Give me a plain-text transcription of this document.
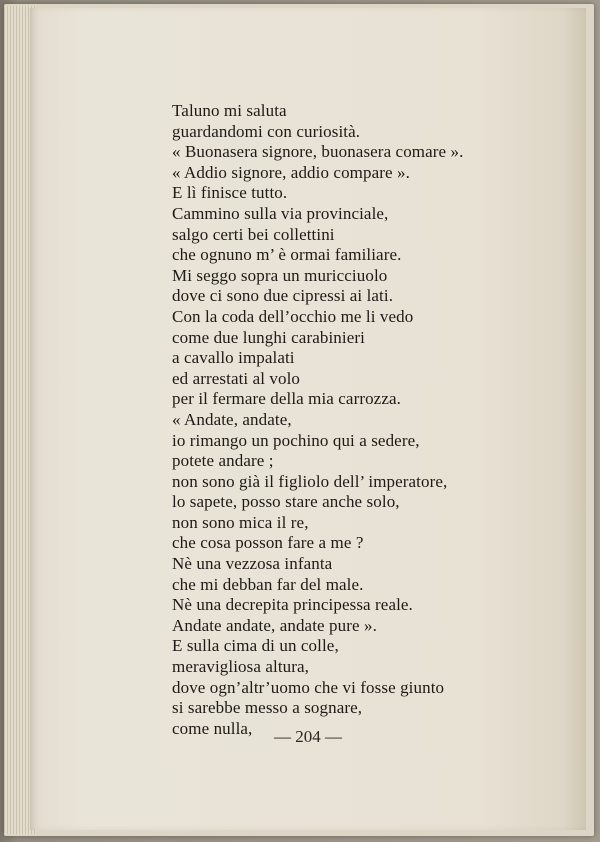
Taluno mi saluta
guardandomi con curiosità.
« Buonasera signore, buonasera comare ».
« Addio signore, addio compare ».
E lì finisce tutto.
Cammino sulla via provinciale,
salgo certi bei collettini
che ognuno m’ è ormai familiare.
Mi seggo sopra un muricciuolo
dove ci sono due cipressi ai lati.
Con la coda dell’occhio me li vedo
come due lunghi carabinieri
a cavallo impalati
ed arrestati al volo
per il fermare della mia carrozza.
« Andate, andate,
io rimango un pochino qui a sedere,
potete andare ;
non sono già il figliolo dell’ imperatore,
lo sapete, posso stare anche solo,
non sono mica il re,
che cosa posson fare a me ?
Nè una vezzosa infanta
che mi debban far del male.
Nè una decrepita principessa reale.
Andate andate, andate pure ».
E sulla cima di un colle,
meravigliosa altura,
dove ogn’altr’uomo che vi fosse giunto
si sarebbe messo a sognare,
come nulla,	— 204 —
